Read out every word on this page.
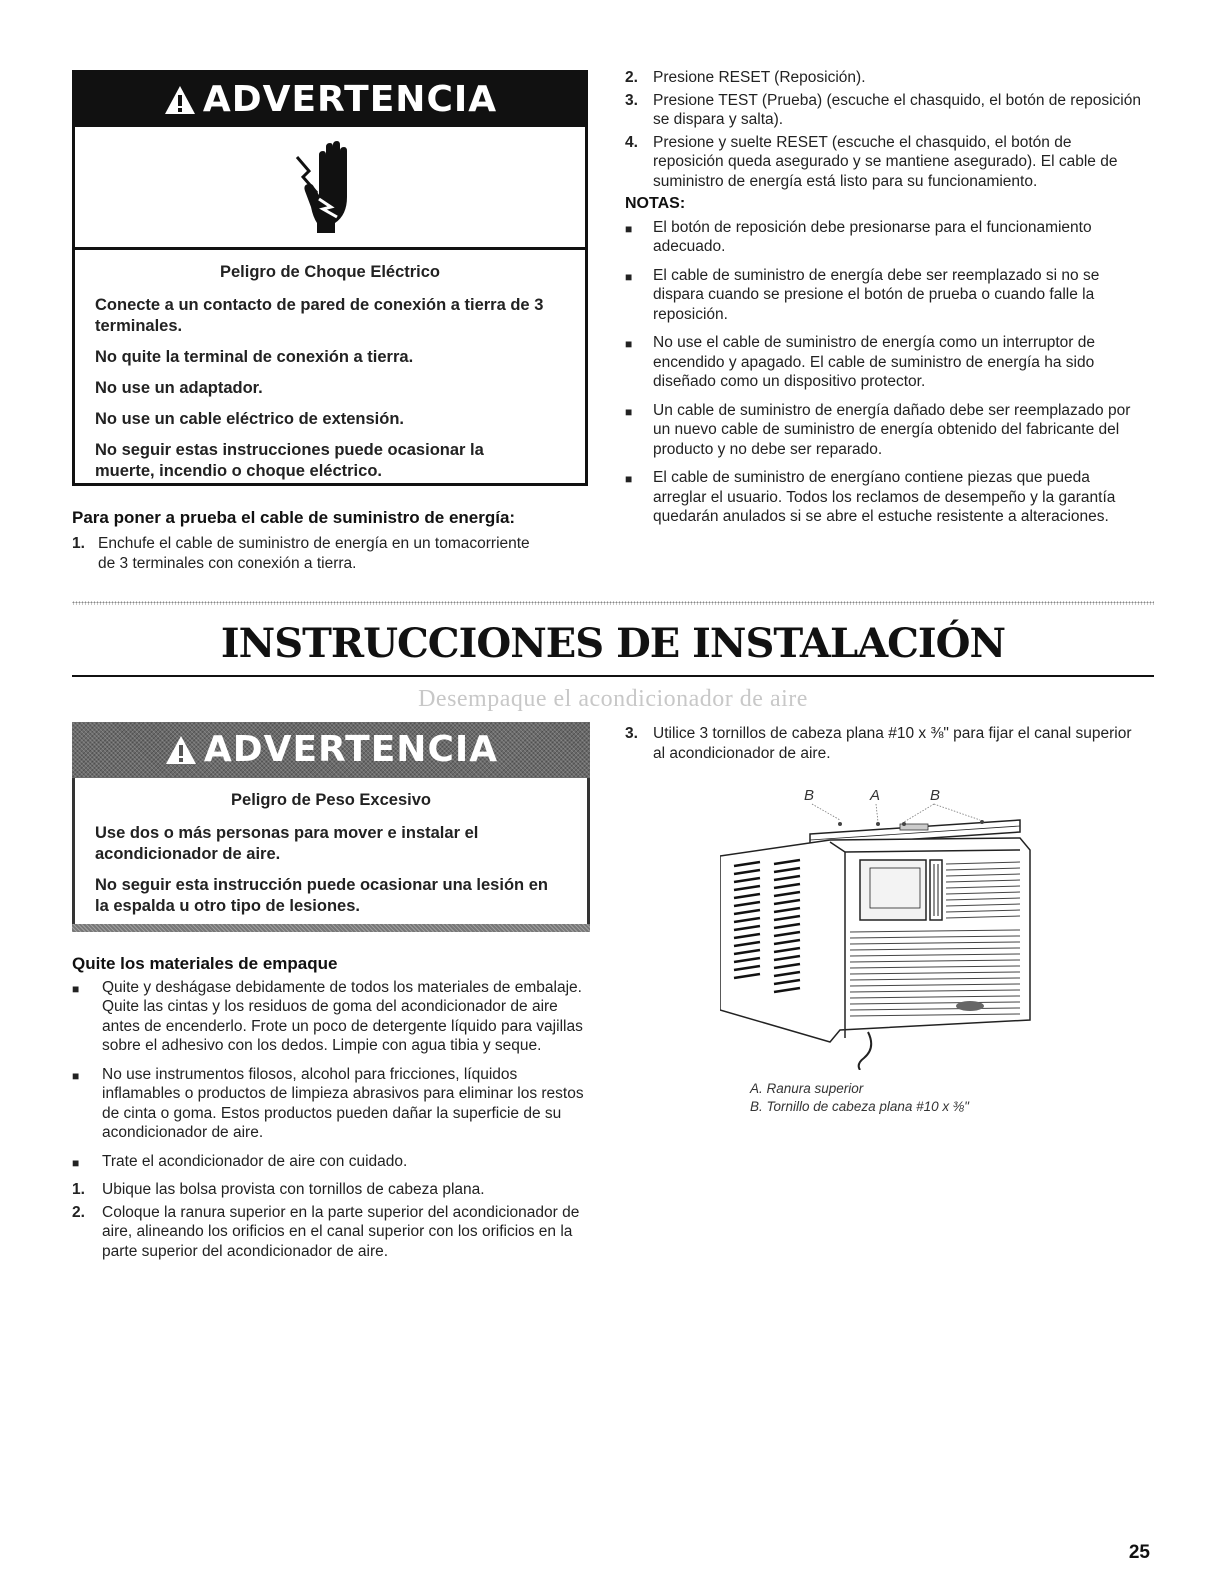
ADVERTENCIA

Peligro de Choque Eléctrico

Conecte a un contacto de pared de conexión a tierra de 3 terminales.

No quite la terminal de conexión a tierra.

No use un adaptador.

No use un cable eléctrico de extensión.

No seguir estas instrucciones puede ocasionar la muerte, incendio o choque eléctrico.

Para poner a prueba el cable de suministro de energía:

1. Enchufe el cable de suministro de energía en un tomacorriente de 3 terminales con conexión a tierra.
2. Presione RESET (Reposición).
3. Presione TEST (Prueba) (escuche el chasquido, el botón de reposición se dispara y salta).
4. Presione y suelte RESET (escuche el chasquido, el botón de reposición queda asegurado y se mantiene asegurado). El cable de suministro de energía está listo para su funcionamiento.

NOTAS:

■ El botón de reposición debe presionarse para el funcionamiento adecuado.
■ El cable de suministro de energía debe ser reemplazado si no se dispara cuando se presione el botón de prueba o cuando falle la reposición.
■ No use el cable de suministro de energía como un interruptor de encendido y apagado. El cable de suministro de energía ha sido diseñado como un dispositivo protector.
■ Un cable de suministro de energía dañado debe ser reemplazado por un nuevo cable de suministro de energía obtenido del fabricante del producto y no debe ser reparado.
■ El cable de suministro de energíano contiene piezas que pueda arreglar el usuario. Todos los reclamos de desempeño y la garantía quedarán anulados si se abre el estuche resistente a alteraciones.
INSTRUCCIONES DE INSTALACIÓN
Desempaque el acondicionador de aire
ADVERTENCIA

Peligro de Peso Excesivo

Use dos o más personas para mover e instalar el acondicionador de aire.

No seguir esta instrucción puede ocasionar una lesión en la espalda u otro tipo de lesiones.

Quite los materiales de empaque

■ Quite y deshágase debidamente de todos los materiales de embalaje. Quite las cintas y los residuos de goma del acondicionador de aire antes de encenderlo. Frote un poco de detergente líquido para vajillas sobre el adhesivo con los dedos. Limpie con agua tibia y seque.
■ No use instrumentos filosos, alcohol para fricciones, líquidos inflamables o productos de limpieza abrasivos para eliminar los restos de cinta o goma. Estos productos pueden dañar la superficie de su acondicionador de aire.
■ Trate el acondicionador de aire con cuidado.
1. Ubique las bolsa provista con tornillos de cabeza plana.
2. Coloque la ranura superior en la parte superior del acondicionador de aire, alineando los orificios en el canal superior con los orificios en la parte superior del acondicionador de aire.
3. Utilice 3 tornillos de cabeza plana #10 x ⅜" para fijar el canal superior al acondicionador de aire.
B	A	B

A. Ranura superior

B. Tornillo de cabeza plana #10 x ⅜"

25
